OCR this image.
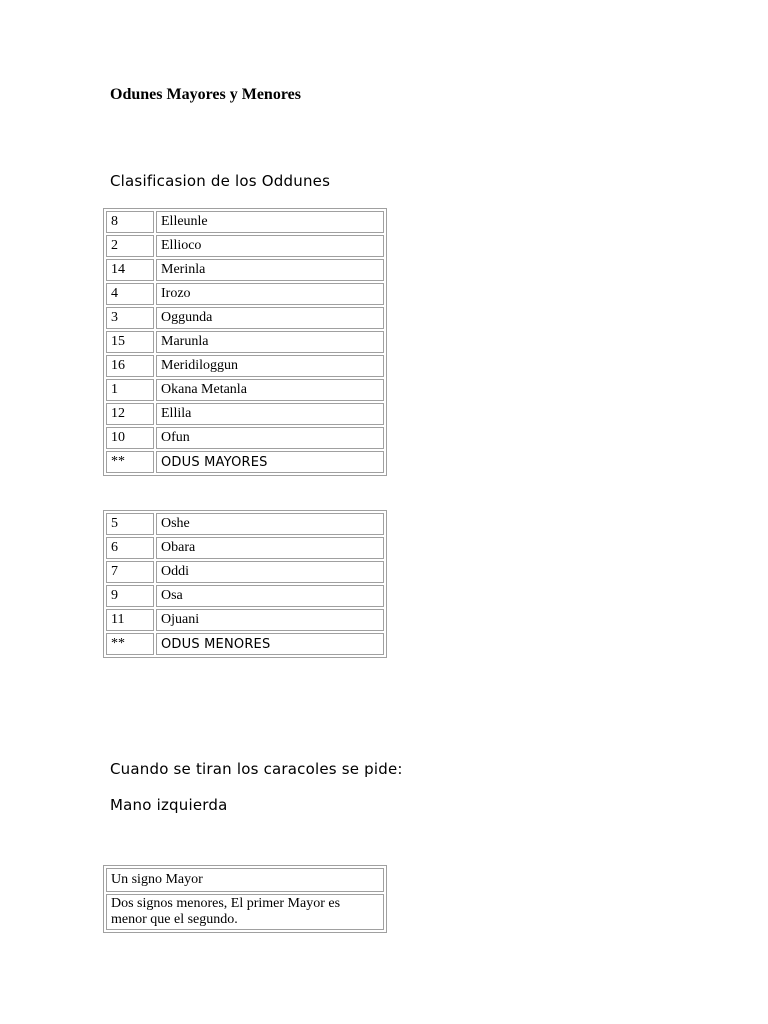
Odunes Mayores y Menores

Clasificasion de los Oddunes

8	Elleunle
2	Ellioco
14	Merinla
4	Irozo
3	Oggunda
15	Marunla
16	Meridiloggun
1	Okana Metanla
12	Ellila
10	Ofun
**	ODUS MAYORES
5	Oshe
6	Obara
7	Oddi
9	Osa
11	Ojuani
**	ODUS MENORES

Cuando se tiran los caracoles se pide:

Mano izquierda

Un signo Mayor
Dos signos menores, El primer Mayor es menor que el segundo.
